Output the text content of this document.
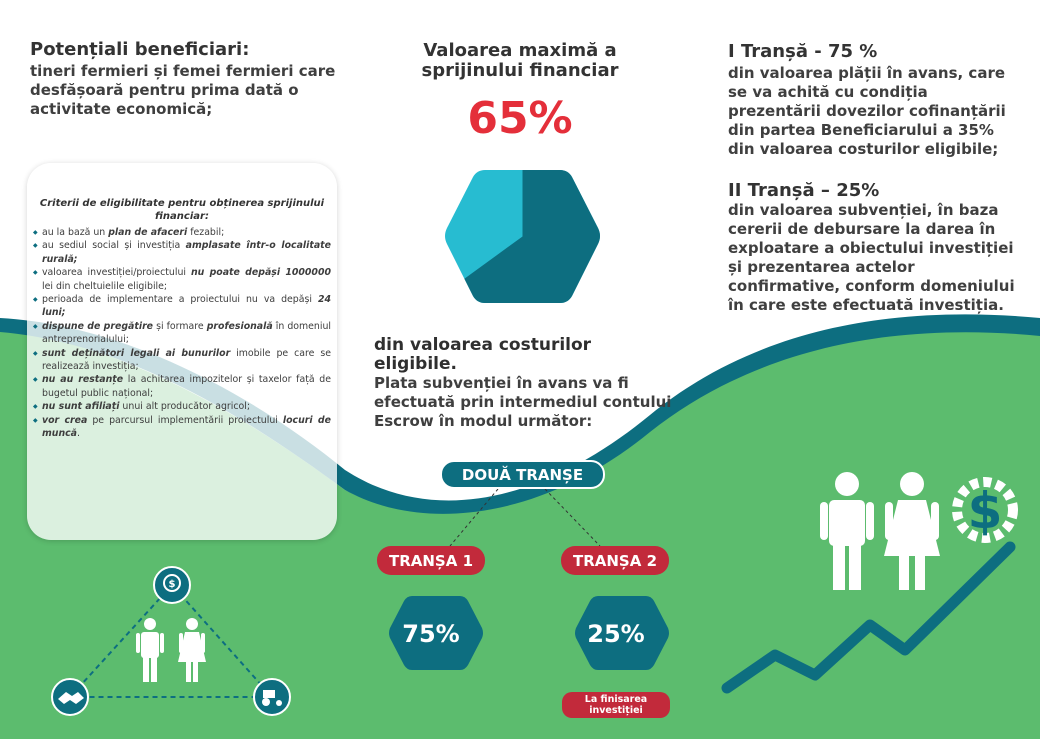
$
$
Potențiali beneficiari:
tineri fermieri și femei fermieri care desfășoară pentru prima dată o activitate economică;
Criterii de eligibilitate pentru obținerea sprijinului financiar:
◆ au la bază un plan de afaceri fezabil;
◆ au sediul social și investiția amplasate într-o localitate rurală;
◆ valoarea investiției/proiectului nu poate depăși 1000000 lei din cheltuielile eligibile;
◆ perioada de implementare a proiectului nu va depăși 24 luni;
◆ dispune de pregătire și formare profesională în domeniul antreprenorialului;
◆ sunt deținători legali ai bunurilor imobile pe care se realizează investiția;
◆ nu au restanțe la achitarea impozitelor și taxelor față de bugetul public național;
◆ nu sunt afiliați unui alt producător agricol;
◆ vor crea pe parcursul implementării proiectului locuri de muncă.
Valoarea maximă a sprijinului financiar
65%
din valoarea costurilor eligibile.
Plata subvenției în avans va fi efectuată prin intermediul contului Escrow în modul următor:
I Tranșă - 75 %
din valoarea plății în avans, care se va achită cu condiția prezentării dovezilor cofinanțării din partea Beneficiarului a 35% din valoarea costurilor eligibile;
II Tranșă – 25%
din valoarea subvenției, în baza cererii de debursare la darea în exploatare a obiectului investiției și prezentarea actelor confirmative, conform domeniului în care este efectuată investiția.
DOUĂ TRANȘE
TRANȘA 1	TRANȘA 2
75%	25%
La finisarea investiției
